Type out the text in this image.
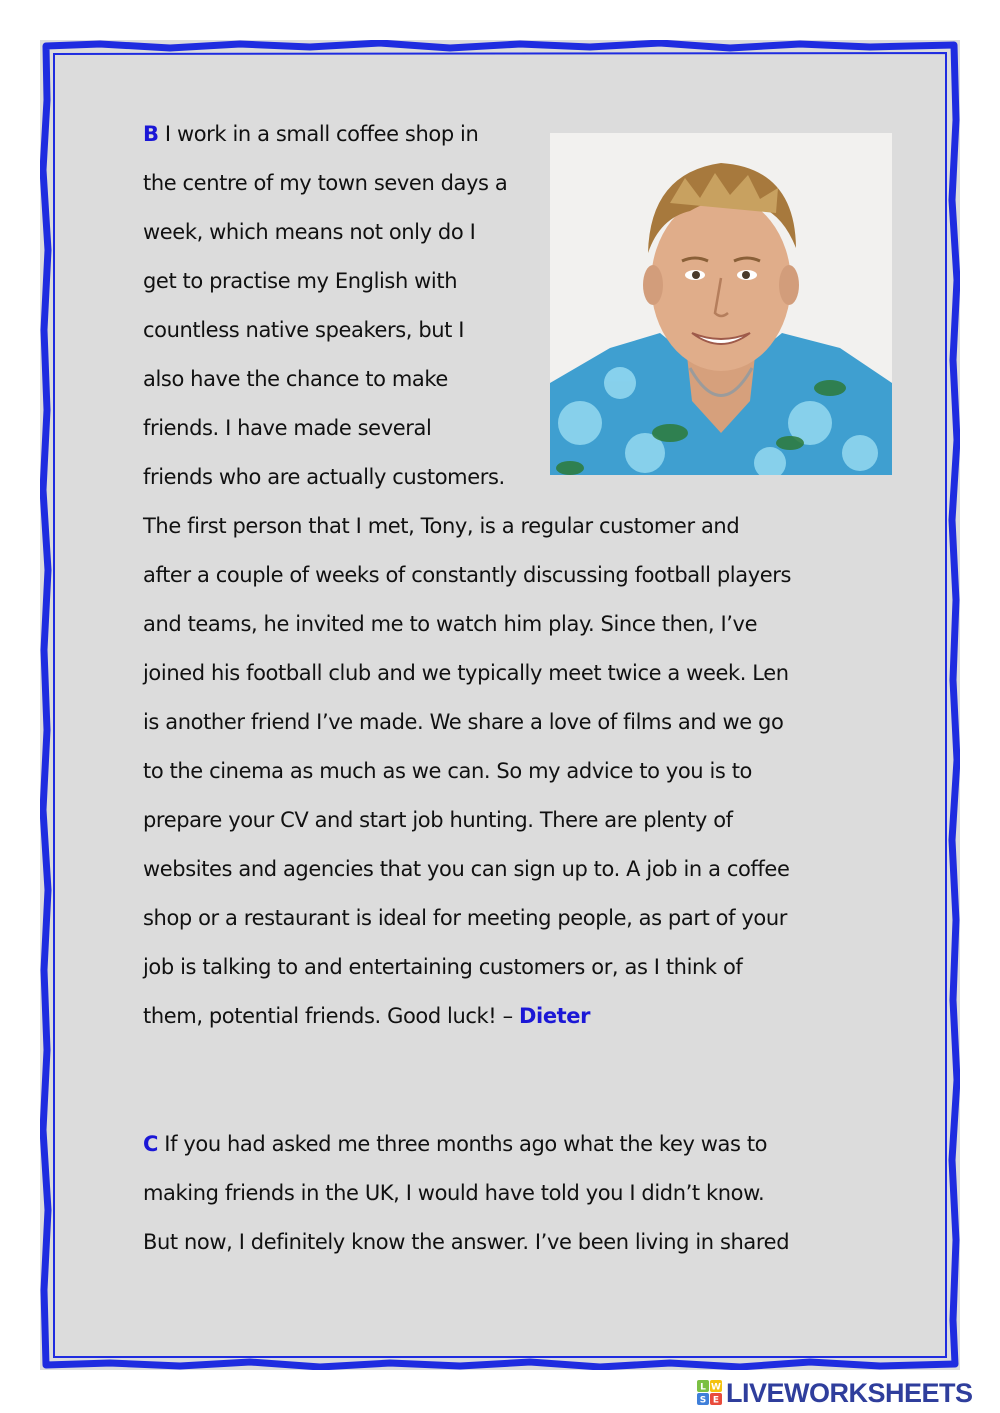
B I work in a small coffee shop in
the centre of my town seven days a
week, which means not only do I
get to practise my English with
countless native speakers, but I
also have the chance to make
friends. I have made several
friends who are actually customers.
The first person that I met, Tony, is a regular customer and
after a couple of weeks of constantly discussing football players
and teams, he invited me to watch him play. Since then, I’ve
joined his football club and we typically meet twice a week. Len
is another friend I’ve made. We share a love of films and we go
to the cinema as much as we can. So my advice to you is to
prepare your CV and start job hunting. There are plenty of
websites and agencies that you can sign up to. A job in a coffee
shop or a restaurant is ideal for meeting people, as part of your
job is talking to and entertaining customers or, as I think of
them, potential friends. Good luck! – Dieter
C If you had asked me three months ago what the key was to
making friends in the UK, I would have told you I didn’t know.
But now, I definitely know the answer. I’ve been living in shared
L W
S E LIVEWORKSHEETS
